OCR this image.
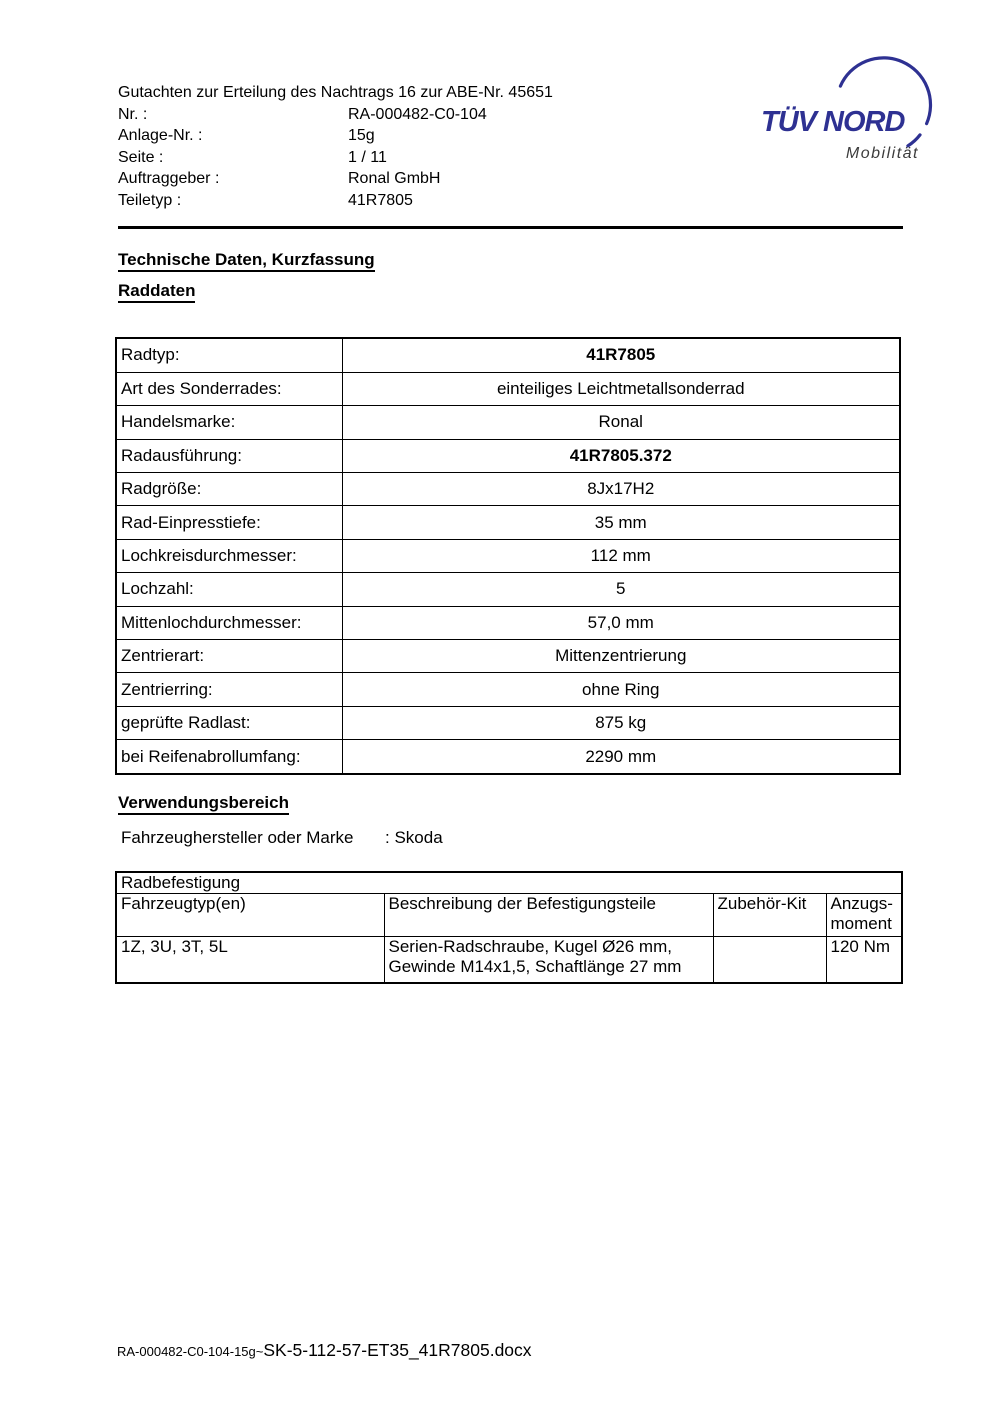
Gutachten zur Erteilung des Nachtrags 16 zur ABE-Nr. 45651
Nr. :	RA-000482-C0-104
Anlage-Nr. :	15g
Seite :	1 / 11
Auftraggeber :	Ronal GmbH
Teiletyp :	41R7805
TÜV NORD
Mobilität
Technische Daten, Kurzfassung
Raddaten
Radtyp:	41R7805
Art des Sonderrades:	einteiliges Leichtmetallsonderrad
Handelsmarke:	Ronal
Radausführung:	41R7805.372
Radgröße:	8Jx17H2
Rad-Einpresstiefe:	35 mm
Lochkreisdurchmesser:	112 mm
Lochzahl:	5
Mittenlochdurchmesser:	57,0 mm
Zentrierart:	Mittenzentrierung
Zentrierring:	ohne Ring
geprüfte Radlast:	875 kg
bei Reifenabrollumfang:	2290 mm
Verwendungsbereich
Fahrzeughersteller oder Marke : Skoda
Radbefestigung			
Fahrzeugtyp(en)	Beschreibung der Befestigungsteile	Zubehör-Kit	Anzugs-
moment

1Z, 3U, 3T, 5L	Serien-Radschraube, Kugel Ø26 mm,
Gewinde M14x1,5, Schaftlänge 27 mm		120 Nm
RA-000482-C0-104-15g~ SK-5-112-57-ET35_41R7805.docx
